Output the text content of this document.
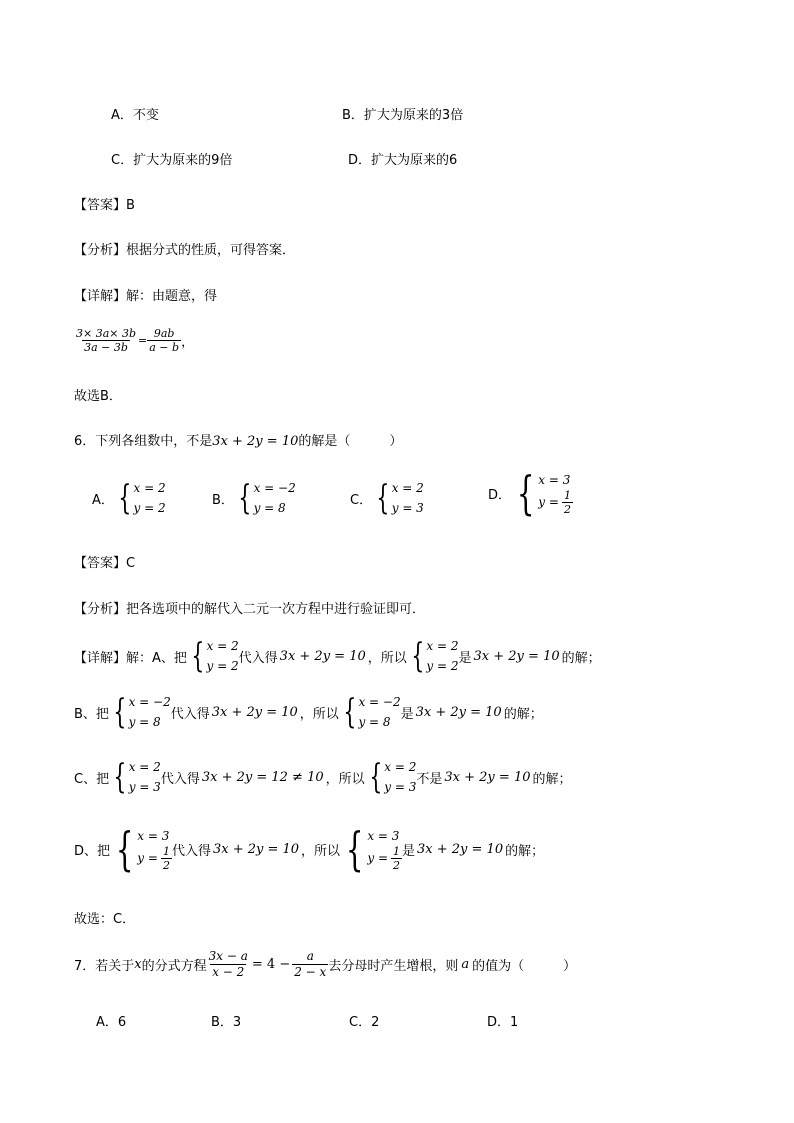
A．不变	B．扩大为原来的3倍
C．扩大为原来的9倍	D．扩大为原来的6
【答案】B
【分析】根据分式的性质，可得答案．
【详解】解：由题意，得
$\frac{3\times 3a\times 3b}{3a - 3b} = \frac{9ab}{a - b}$ ，
故选B．
6．下列各组数中，不是3x + 2y = 10的解是（　　　）
A． { x = 2
y = 2
B． { x = −2
y = 8
C． { x = 2
y = 3
D． { x = 3
$y = \frac{1}{2}$
【答案】C
【分析】把各选项中的解代入二元一次方程中进行验证即可．
【详解】解：A、把 { x = 2
y = 2
代入得 3x + 2y = 10 ，所以 { x = 2
y = 2
是 3x + 2y = 10 的解；
B、把 { x = −2
y = 8
代入得 3x + 2y = 10 ，所以 { x = −2
y = 8
是 3x + 2y = 10 的解；
C、把 { x = 2
y = 3
代入得 3x + 2y = 12 ≠ 10 ，所以 { x = 2
y = 3
不是 3x + 2y = 10 的解；
D、把 { x = 3
$y = \frac{1}{2}$ 代入得 3x + 2y = 10 ，所以 { x = 3
$y = \frac{1}{2}$ 是 3x + 2y = 10 的解；
故选：C．
7．若关于 x 的分式方程 $\frac{3x - a}{x - 2} = 4 - \frac{a}{2 - x}$ 去分母时产生增根，则 a 的值为（　　　）
A．6	B．3	C．2	D．1
